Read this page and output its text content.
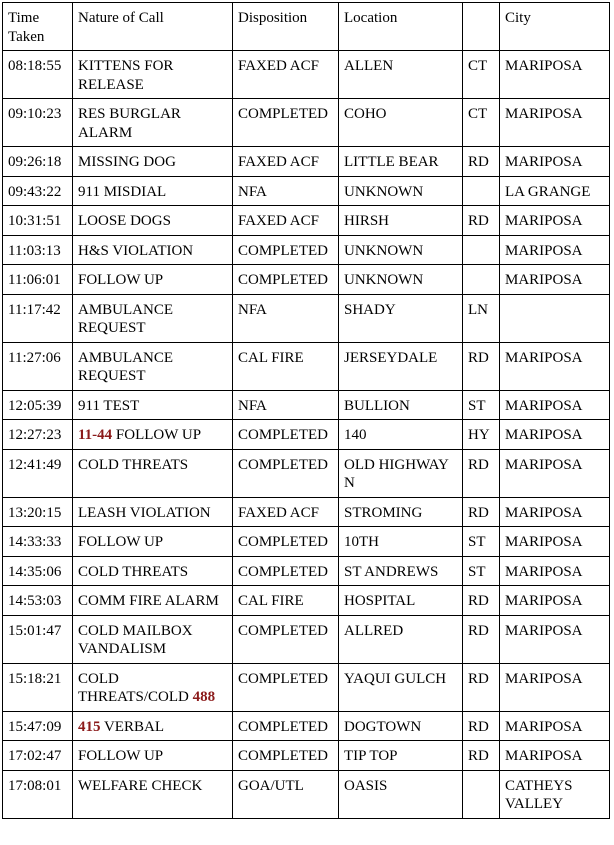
Time Taken	Nature of Call	Disposition	Location		City
08:18:55	KITTENS FOR RELEASE	FAXED ACF	ALLEN	CT	MARIPOSA
09:10:23	RES BURGLAR ALARM	COMPLETED	COHO	CT	MARIPOSA
09:26:18	MISSING DOG	FAXED ACF	LITTLE BEAR	RD	MARIPOSA
09:43:22	911 MISDIAL	NFA	UNKNOWN		LA GRANGE
10:31:51	LOOSE DOGS	FAXED ACF	HIRSH	RD	MARIPOSA
11:03:13	H&S VIOLATION	COMPLETED	UNKNOWN		MARIPOSA
11:06:01	FOLLOW UP	COMPLETED	UNKNOWN		MARIPOSA
11:17:42	AMBULANCE REQUEST	NFA	SHADY	LN	
11:27:06	AMBULANCE REQUEST	CAL FIRE	JERSEYDALE	RD	MARIPOSA
12:05:39	911 TEST	NFA	BULLION	ST	MARIPOSA
12:27:23	11-44 FOLLOW UP	COMPLETED	140	HY	MARIPOSA
12:41:49	COLD THREATS	COMPLETED	OLD HIGHWAY N	RD	MARIPOSA
13:20:15	LEASH VIOLATION	FAXED ACF	STROMING	RD	MARIPOSA
14:33:33	FOLLOW UP	COMPLETED	10TH	ST	MARIPOSA
14:35:06	COLD THREATS	COMPLETED	ST ANDREWS	ST	MARIPOSA
14:53:03	COMM FIRE ALARM	CAL FIRE	HOSPITAL	RD	MARIPOSA
15:01:47	COLD MAILBOX VANDALISM	COMPLETED	ALLRED	RD	MARIPOSA
15:18:21	COLD THREATS/COLD 488	COMPLETED	YAQUI GULCH	RD	MARIPOSA
15:47:09	415 VERBAL	COMPLETED	DOGTOWN	RD	MARIPOSA
17:02:47	FOLLOW UP	COMPLETED	TIP TOP	RD	MARIPOSA
17:08:01	WELFARE CHECK	GOA/UTL	OASIS		CATHEYS VALLEY
